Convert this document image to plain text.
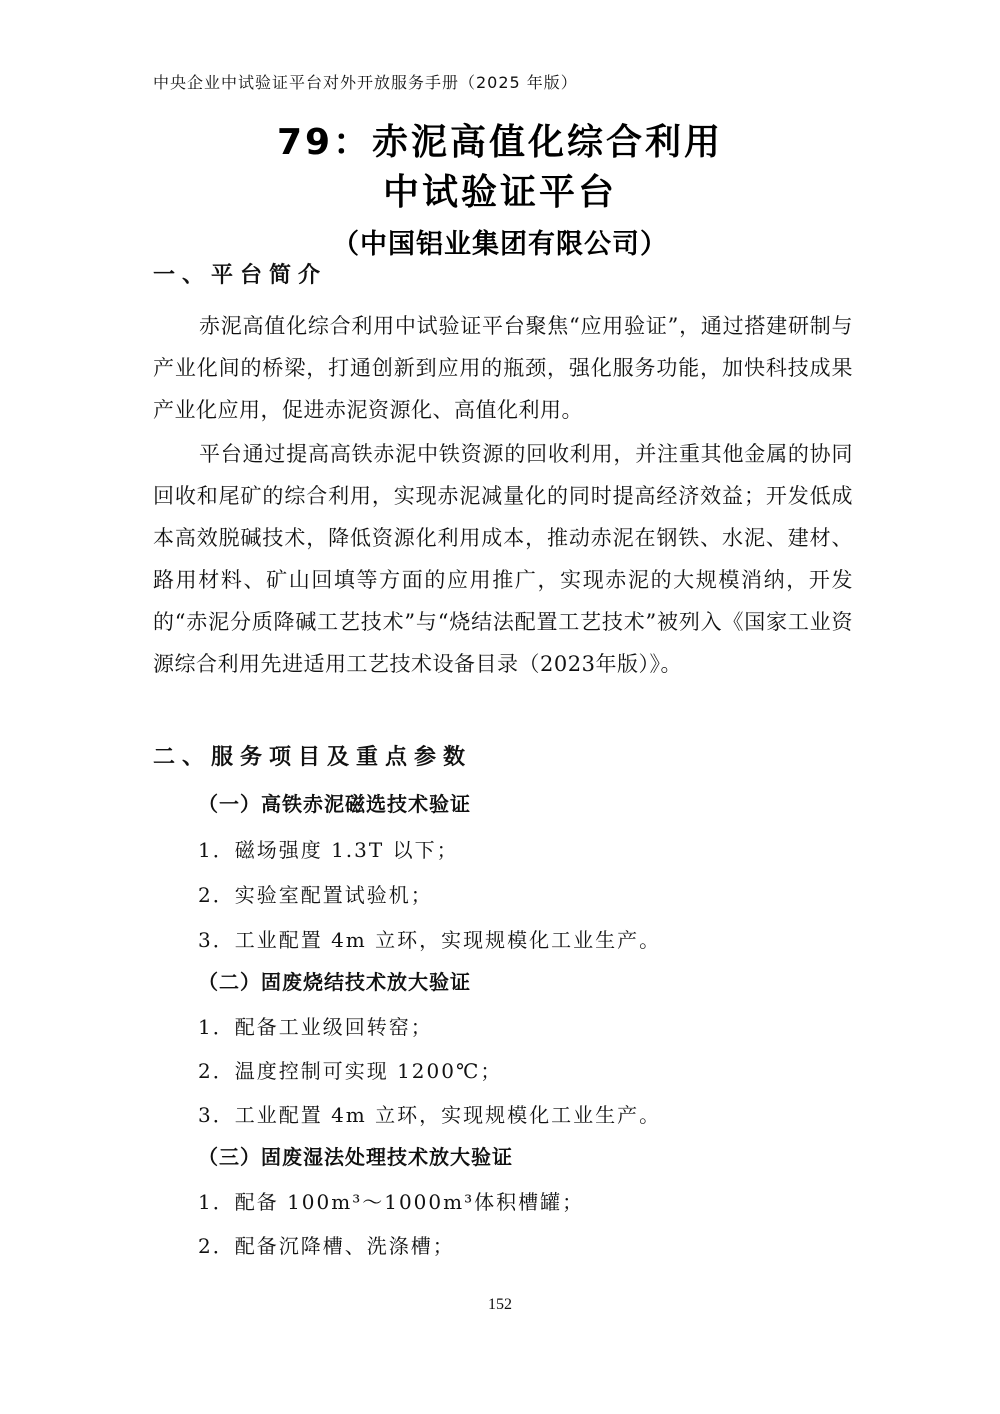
中央企业中试验证平台对外开放服务手册（2025 年版）
79：赤泥高值化综合利用
中试验证平台
（中国铝业集团有限公司）
一、平台简介
赤泥高值化综合利用中试验证平台聚焦“应用验证”，通过搭建研制与产业化间的桥梁，打通创新到应用的瓶颈，强化服务功能，加快科技成果产业化应用，促进赤泥资源化、高值化利用。
平台通过提高高铁赤泥中铁资源的回收利用，并注重其他金属的协同回收和尾矿的综合利用，实现赤泥减量化的同时提高经济效益；开发低成本高效脱碱技术，降低资源化利用成本，推动赤泥在钢铁、水泥、建材、路用材料、矿山回填等方面的应用推广，实现赤泥的大规模消纳，开发的“赤泥分质降碱工艺技术”与“烧结法配置工艺技术”被列入《国家工业资源综合利用先进适用工艺技术设备目录（2023年版）》。
二、服务项目及重点参数
（一）高铁赤泥磁选技术验证
1．磁场强度 1.3T 以下；
2．实验室配置试验机；
3．工业配置 4m 立环，实现规模化工业生产。
（二）固废烧结技术放大验证
1．配备工业级回转窑；
2．温度控制可实现 1200℃；
3．工业配置 4m 立环，实现规模化工业生产。
（三）固废湿法处理技术放大验证
1．配备 100m³～1000m³体积槽罐；
2．配备沉降槽、洗涤槽；
152
